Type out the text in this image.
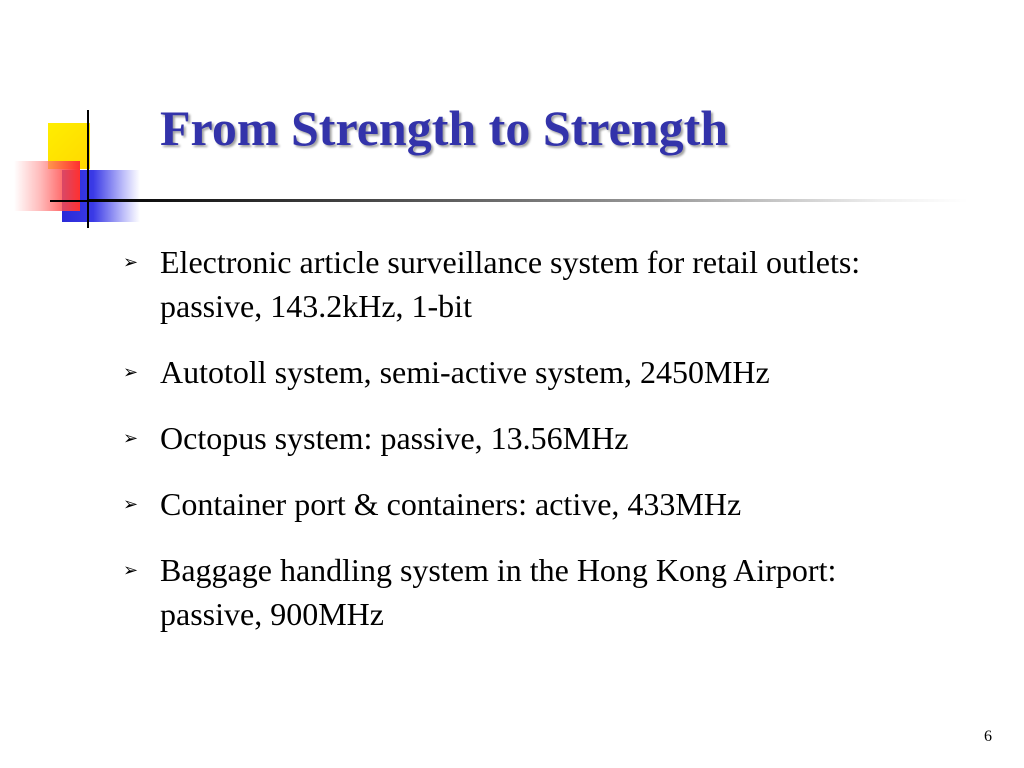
From Strength to Strength
➢ Electronic article surveillance system for retail outlets: passive, 143.2kHz, 1-bit
➢ Autotoll system, semi-active system, 2450MHz
➢ Octopus system: passive, 13.56MHz
➢ Container port & containers: active, 433MHz
➢ Baggage handling system in the Hong Kong Airport: passive, 900MHz
6
